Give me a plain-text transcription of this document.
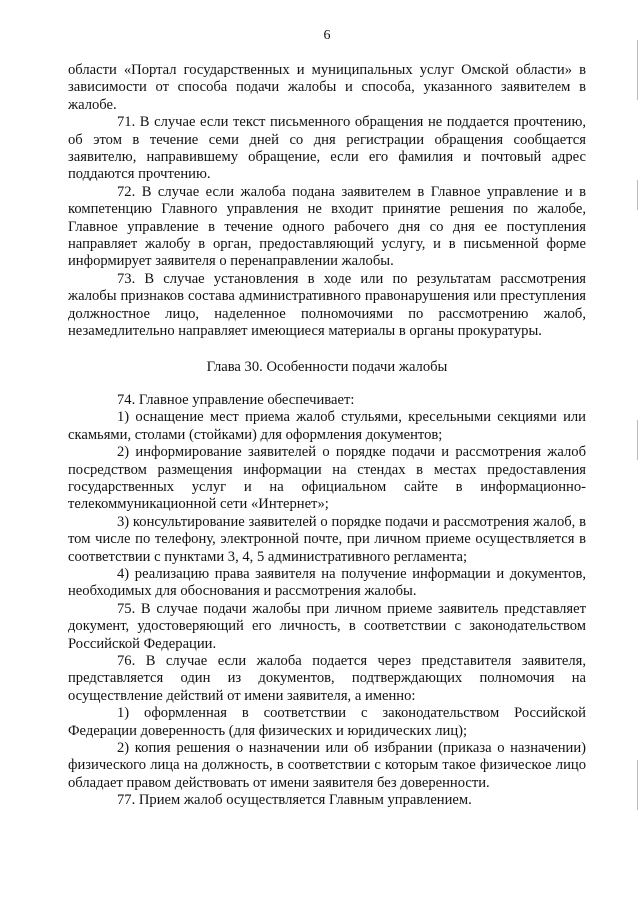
6

области «Портал государственных и муниципальных услуг Омской области» в зависимости от способа подачи жалобы и способа, указанного заявителем в жалобе.

71. В случае если текст письменного обращения не поддается прочтению, об этом в течение семи дней со дня регистрации обращения сообщается заявителю, направившему обращение, если его фамилия и почтовый адрес поддаются прочтению.

72. В случае если жалоба подана заявителем в Главное управление и в компетенцию Главного управления не входит принятие решения по жалобе, Главное управление в течение одного рабочего дня со дня ее поступления направляет жалобу в орган, предоставляющий услугу, и в письменной форме информирует заявителя о перенаправлении жалобы.

73. В случае установления в ходе или по результатам рассмотрения жалобы признаков состава административного правонарушения или преступления должностное лицо, наделенное полномочиями по рассмотрению жалоб, незамедлительно направляет имеющиеся материалы в органы прокуратуры.

Глава 30. Особенности подачи жалобы

74. Главное управление обеспечивает:

1) оснащение мест приема жалоб стульями, кресельными секциями или скамьями, столами (стойками) для оформления документов;

2) информирование заявителей о порядке подачи и рассмотрения жалоб посредством размещения информации на стендах в местах предоставления государственных услуг и на официальном сайте в информационно-телекоммуникационной сети «Интернет»;

3) консультирование заявителей о порядке подачи и рассмотрения жалоб, в том числе по телефону, электронной почте, при личном приеме осуществляется в соответствии с пунктами 3, 4, 5 административного регламента;

4) реализацию права заявителя на получение информации и документов, необходимых для обоснования и рассмотрения жалобы.

75. В случае подачи жалобы при личном приеме заявитель представляет документ, удостоверяющий его личность, в соответствии с законодательством Российской Федерации.

76. В случае если жалоба подается через представителя заявителя, представляется один из документов, подтверждающих полномочия на осуществление действий от имени заявителя, а именно:

1) оформленная в соответствии с законодательством Российской Федерации доверенность (для физических и юридических лиц);

2) копия решения о назначении или об избрании (приказа о назначении) физического лица на должность, в соответствии с которым такое физическое лицо обладает правом действовать от имени заявителя без доверенности.

77. Прием жалоб осуществляется Главным управлением.
